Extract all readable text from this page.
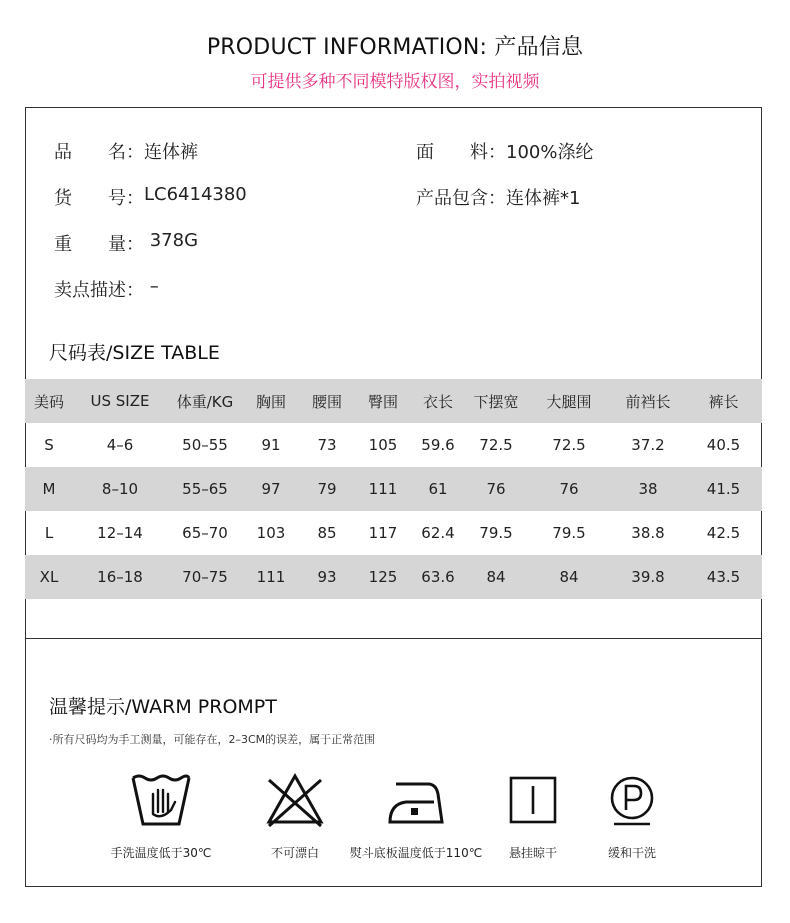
PRODUCT INFORMATION: 产品信息
可提供多种不同模特版权图，实拍视频
品　　名： 连体裤	面　　料： 100%涤纶
货　　号： LC6414380	产品包含： 连体裤*1
重　　量： 378G
卖点描述： –
尺码表/SIZE TABLE
美码	US SIZE	体重/KG	胸围	腰围	臀围	衣长	下摆宽	大腿围	前裆长	裤长
S	4–6	50–55	91	73	105	59.6	72.5	72.5	37.2	40.5
M	8–10	55–65	97	79	111	61	76	76	38	41.5
L	12–14	65–70	103	85	117	62.4	79.5	79.5	38.8	42.5
XL	16–18	70–75	111	93	125	63.6	84	84	39.8	43.5
温馨提示/WARM PROMPT
·所有尺码均为手工测量，可能存在，2–3CM的误差，属于正常范围
手洗温度低于30℃	不可漂白	熨斗底板温度低于110℃	悬挂晾干	缓和干洗
